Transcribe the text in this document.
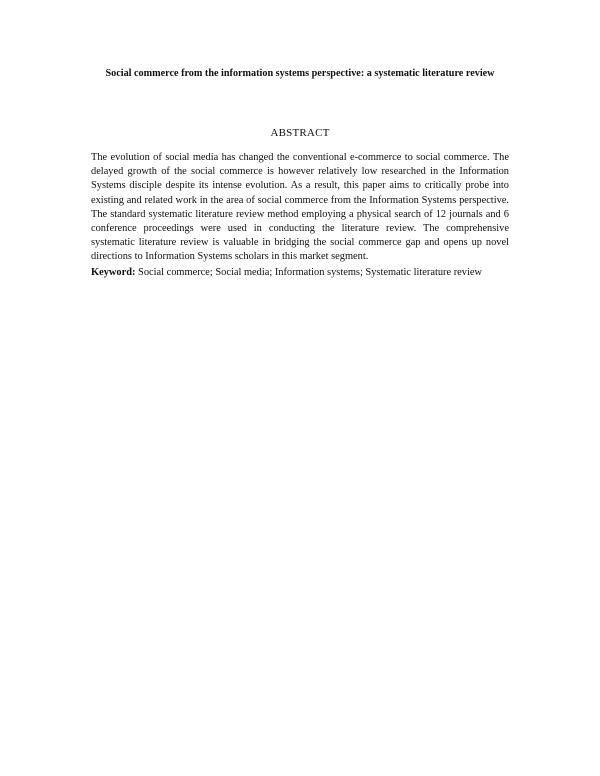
Social commerce from the information systems perspective: a systematic literature review
ABSTRACT

The evolution of social media has changed the conventional e-commerce to social commerce. The delayed growth of the social commerce is however relatively low researched in the Information Systems disciple despite its intense evolution. As a result, this paper aims to critically probe into existing and related work in the area of social commerce from the Information Systems perspective. The standard systematic literature review method employing a physical search of 12 journals and 6 conference proceedings were used in conducting the literature review. The comprehensive systematic literature review is valuable in bridging the social commerce gap and opens up novel directions to Information Systems scholars in this market segment.

Keyword: Social commerce; Social media; Information systems; Systematic literature review
